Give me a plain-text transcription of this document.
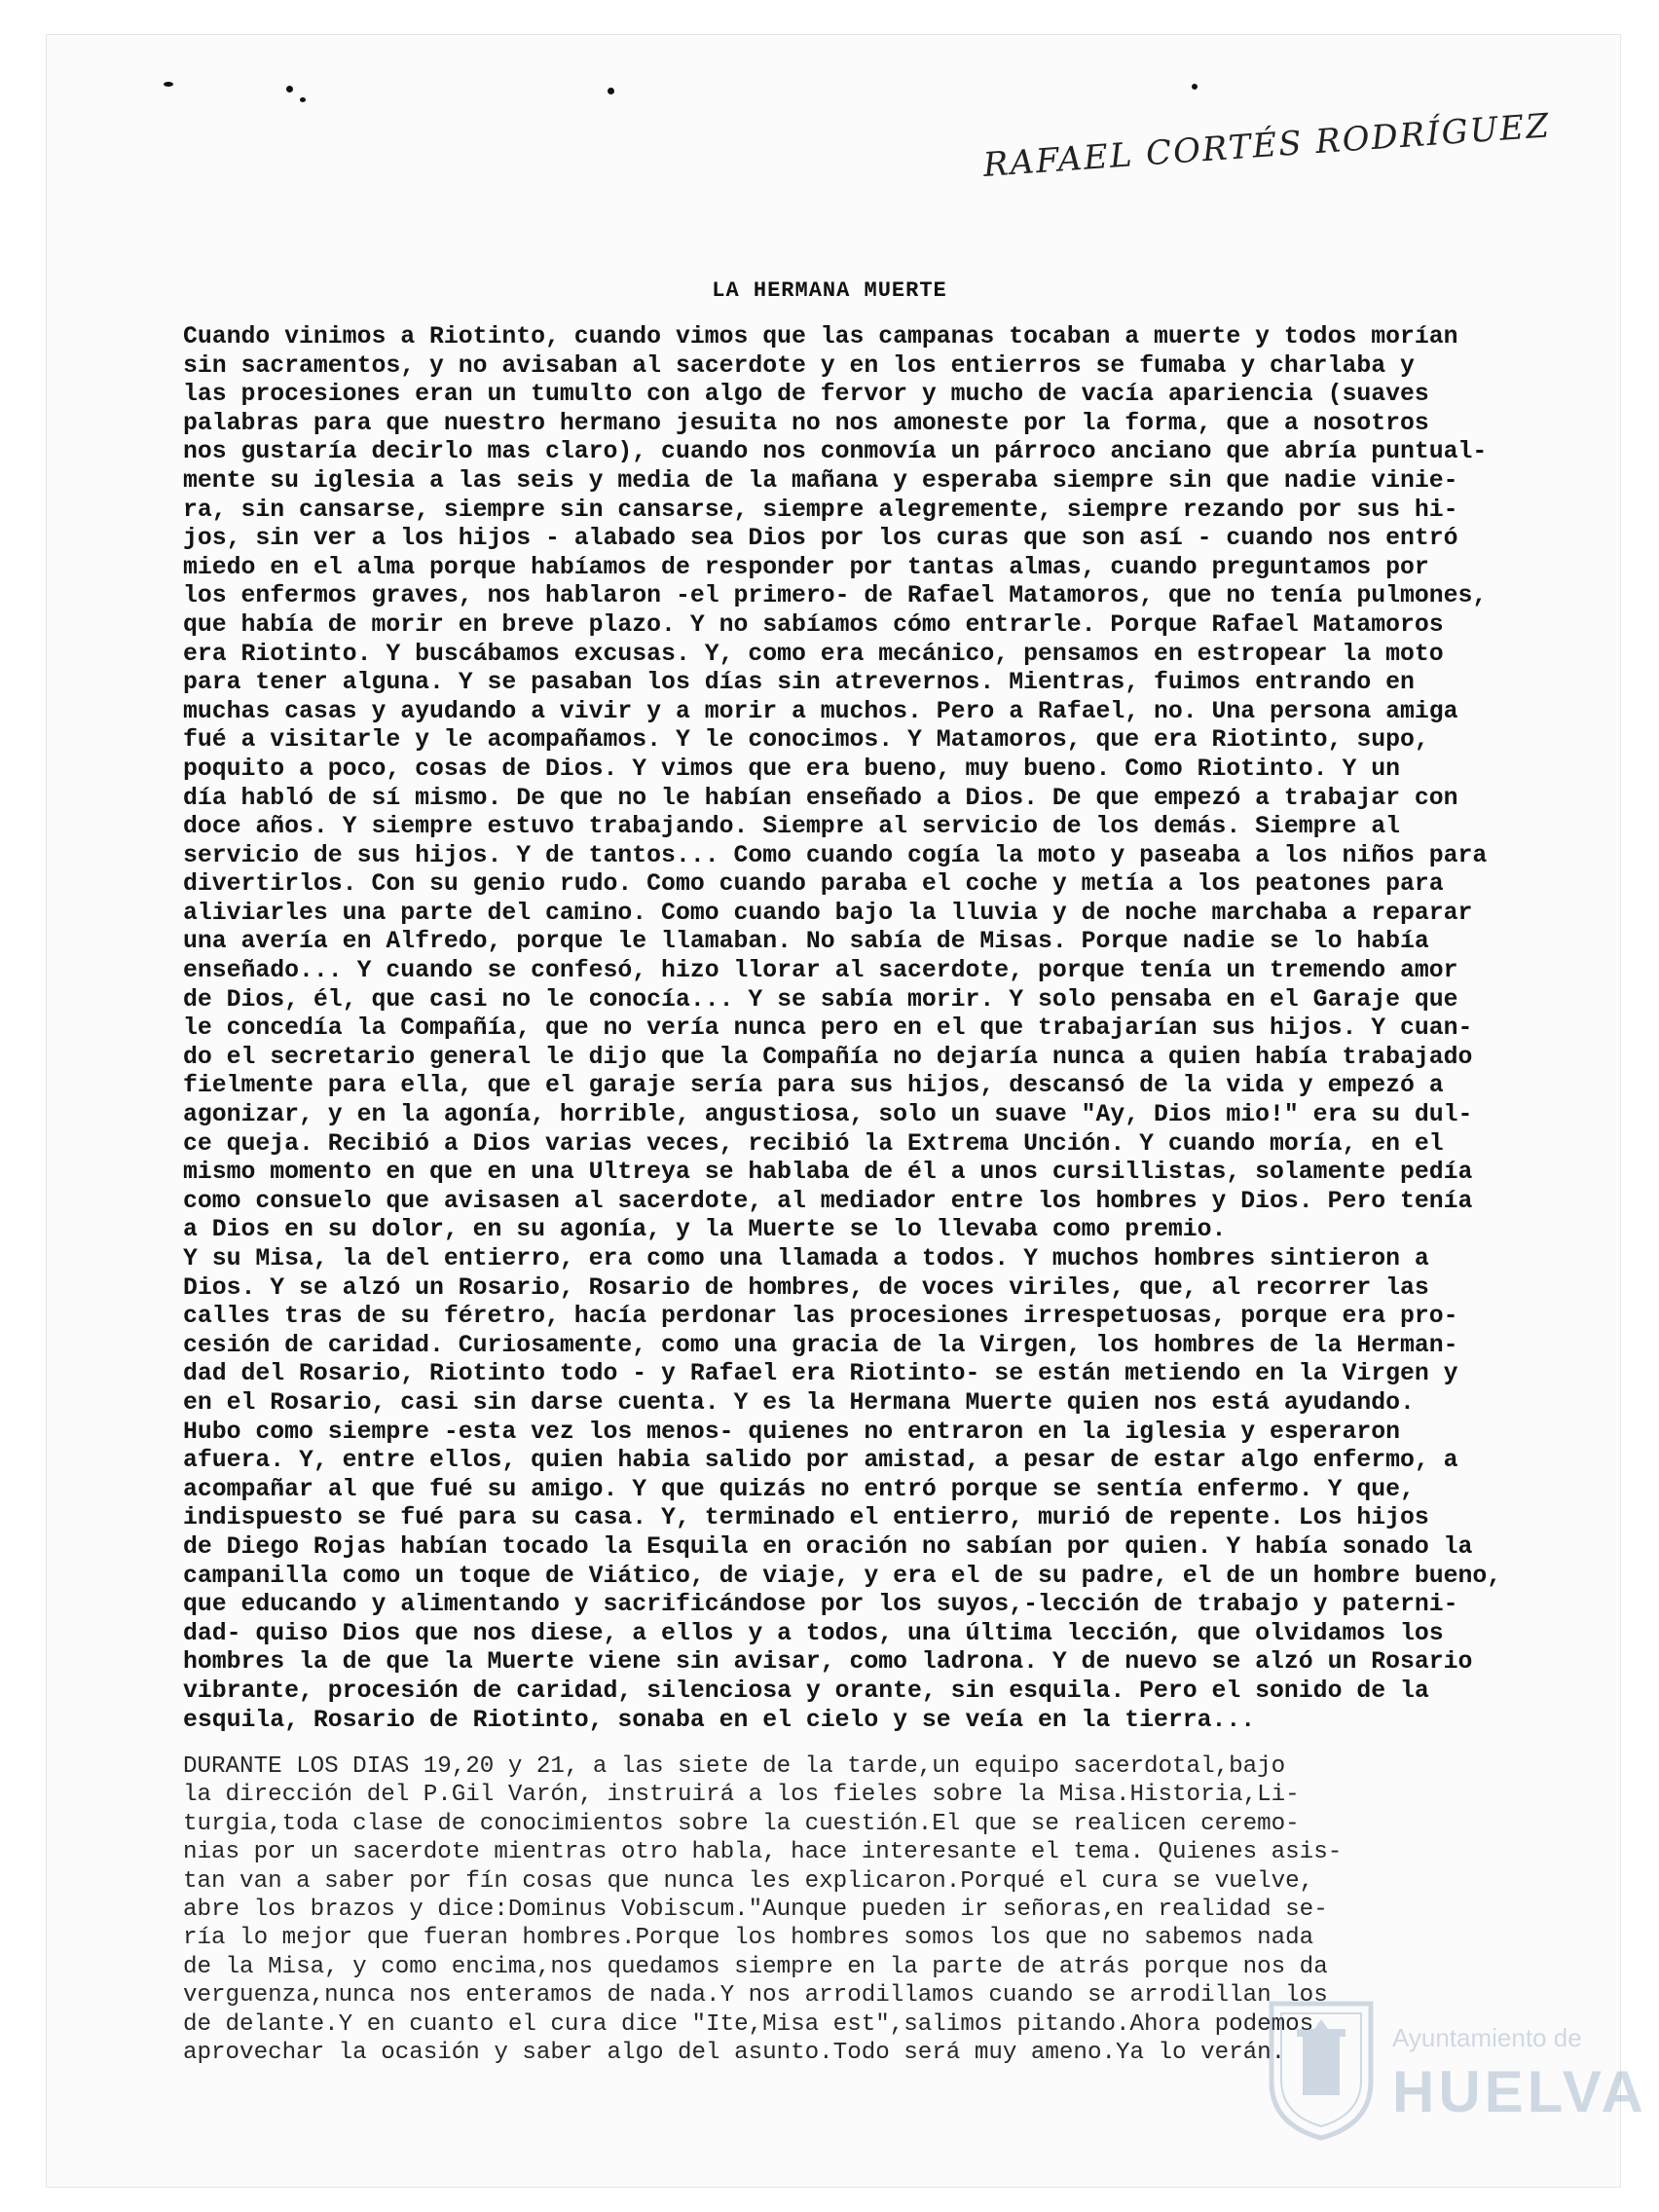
RAFAEL CORTÉS RODRÍGUEZ
LA HERMANA MUERTE
Cuando vinimos a Riotinto, cuando vimos que las campanas tocaban a muerte y todos morían
sin sacramentos, y no avisaban al sacerdote y en los entierros se fumaba y charlaba y
las procesiones eran un tumulto con algo de fervor y mucho de vacía apariencia (suaves
palabras para que nuestro hermano jesuita no nos amoneste por la forma, que a nosotros
nos gustaría decirlo mas claro), cuando nos conmovía un párroco anciano que abría puntual-
mente su iglesia a las seis y media de la mañana y esperaba siempre sin que nadie vinie-
ra, sin cansarse, siempre sin cansarse, siempre alegremente, siempre rezando por sus hi-
jos, sin ver a los hijos - alabado sea Dios por los curas que son así - cuando nos entró
miedo en el alma porque habíamos de responder por tantas almas, cuando preguntamos por
los enfermos graves, nos hablaron -el primero- de Rafael Matamoros, que no tenía pulmones,
que había de morir en breve plazo. Y no sabíamos cómo entrarle. Porque Rafael Matamoros
era Riotinto. Y buscábamos excusas. Y, como era mecánico, pensamos en estropear la moto
para tener alguna. Y se pasaban los días sin atrevernos. Mientras, fuimos entrando en
muchas casas y ayudando a vivir y a morir a muchos. Pero a Rafael, no. Una persona amiga
fué a visitarle y le acompañamos. Y le conocimos. Y Matamoros, que era Riotinto, supo,
poquito a poco, cosas de Dios. Y vimos que era bueno, muy bueno. Como Riotinto. Y un
día habló de sí mismo. De que no le habían enseñado a Dios. De que empezó a trabajar con
doce años. Y siempre estuvo trabajando. Siempre al servicio de los demás. Siempre al
servicio de sus hijos. Y de tantos... Como cuando cogía la moto y paseaba a los niños para
divertirlos. Con su genio rudo. Como cuando paraba el coche y metía a los peatones para
aliviarles una parte del camino. Como cuando bajo la lluvia y de noche marchaba a reparar
una avería en Alfredo, porque le llamaban. No sabía de Misas. Porque nadie se lo había
enseñado... Y cuando se confesó, hizo llorar al sacerdote, porque tenía un tremendo amor
de Dios, él, que casi no le conocía... Y se sabía morir. Y solo pensaba en el Garaje que
le concedía la Compañía, que no vería nunca pero en el que trabajarían sus hijos. Y cuan-
do el secretario general le dijo que la Compañía no dejaría nunca a quien había trabajado
fielmente para ella, que el garaje sería para sus hijos, descansó de la vida y empezó a
agonizar, y en la agonía, horrible, angustiosa, solo un suave "Ay, Dios mio!" era su dul-
ce queja. Recibió a Dios varias veces, recibió la Extrema Unción. Y cuando moría, en el
mismo momento en que en una Ultreya se hablaba de él a unos cursillistas, solamente pedía
como consuelo que avisasen al sacerdote, al mediador entre los hombres y Dios. Pero tenía
a Dios en su dolor, en su agonía, y la Muerte se lo llevaba como premio.
Y su Misa, la del entierro, era como una llamada a todos. Y muchos hombres sintieron a
Dios. Y se alzó un Rosario, Rosario de hombres, de voces viriles, que, al recorrer las
calles tras de su féretro, hacía perdonar las procesiones irrespetuosas, porque era pro-
cesión de caridad. Curiosamente, como una gracia de la Virgen, los hombres de la Herman-
dad del Rosario, Riotinto todo - y Rafael era Riotinto- se están metiendo en la Virgen y
en el Rosario, casi sin darse cuenta. Y es la Hermana Muerte quien nos está ayudando.
Hubo como siempre -esta vez los menos- quienes no entraron en la iglesia y esperaron
afuera. Y, entre ellos, quien habia salido por amistad, a pesar de estar algo enfermo, a
acompañar al que fué su amigo. Y que quizás no entró porque se sentía enfermo. Y que,
indispuesto se fué para su casa. Y, terminado el entierro, murió de repente. Los hijos
de Diego Rojas habían tocado la Esquila en oración no sabían por quien. Y había sonado la
campanilla como un toque de Viático, de viaje, y era el de su padre, el de un hombre bueno,
que educando y alimentando y sacrificándose por los suyos,-lección de trabajo y paterni-
dad- quiso Dios que nos diese, a ellos y a todos, una última lección, que olvidamos los
hombres la de que la Muerte viene sin avisar, como ladrona. Y de nuevo se alzó un Rosario
vibrante, procesión de caridad, silenciosa y orante, sin esquila. Pero el sonido de la
esquila, Rosario de Riotinto, sonaba en el cielo y se veía en la tierra...
DURANTE LOS DIAS 19,20 y 21, a las siete de la tarde,un equipo sacerdotal,bajo
la dirección del P.Gil Varón, instruirá a los fieles sobre la Misa.Historia,Li-
turgia,toda clase de conocimientos sobre la cuestión.El que se realicen ceremo-
nias por un sacerdote mientras otro habla, hace interesante el tema. Quienes asis-
tan van a saber por fín cosas que nunca les explicaron.Porqué el cura se vuelve,
abre los brazos y dice:Dominus Vobiscum."Aunque pueden ir señoras,en realidad se-
ría lo mejor que fueran hombres.Porque los hombres somos los que no sabemos nada
de la Misa, y como encima,nos quedamos siempre en la parte de atrás porque nos da
verguenza,nunca nos enteramos de nada.Y nos arrodillamos cuando se arrodillan los
de delante.Y en cuanto el cura dice "Ite,Misa est",salimos pitando.Ahora podemos
aprovechar la ocasión y saber algo del asunto.Todo será muy ameno.Ya lo verán.
Ayuntamiento de
HUELVA
